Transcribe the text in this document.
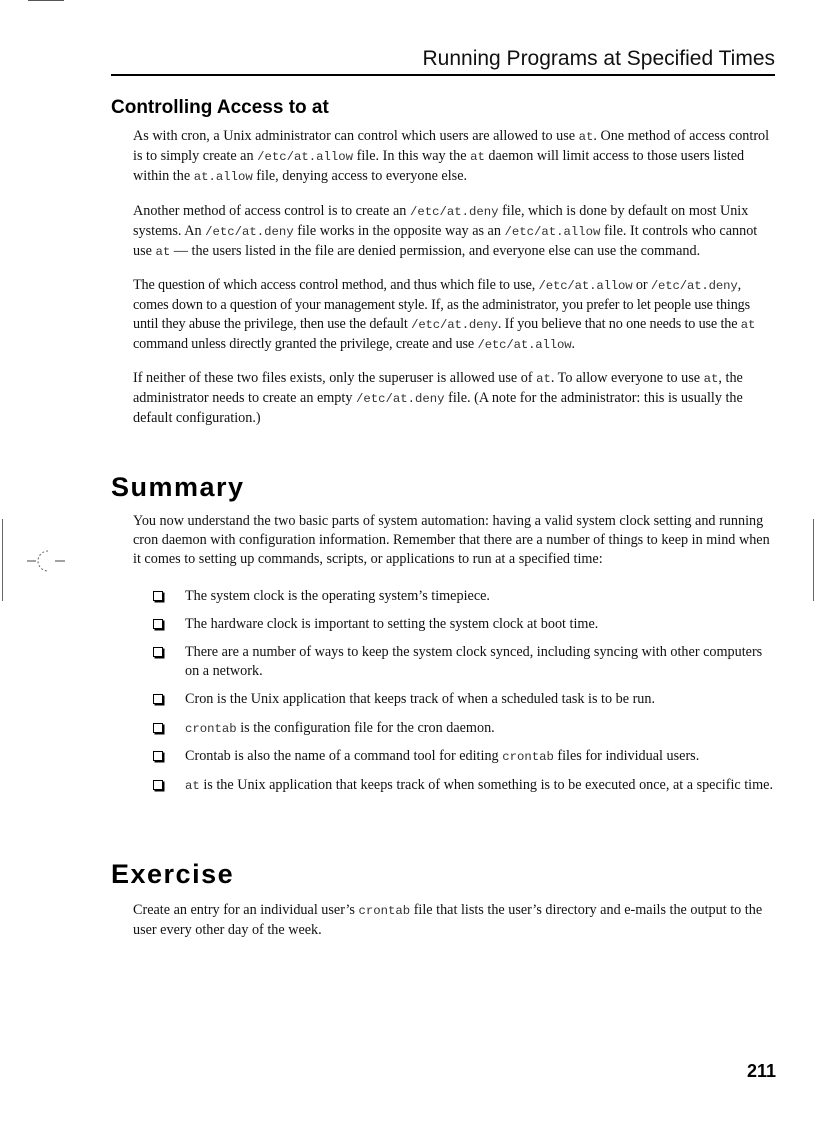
Running Programs at Specified Times
Controlling Access to at

As with cron, a Unix administrator can control which users are allowed to use at. One method of access control is to simply create an /etc/at.allow file. In this way the at daemon will limit access to those users listed within the at.allow file, denying access to everyone else.

Another method of access control is to create an /etc/at.deny file, which is done by default on most Unix systems. An /etc/at.deny file works in the opposite way as an /etc/at.allow file. It controls who cannot use at — the users listed in the file are denied permission, and everyone else can use the command.

The question of which access control method, and thus which file to use, /etc/at.allow or /etc/at.deny, comes down to a question of your management style. If, as the administrator, you prefer to let people use things until they abuse the privilege, then use the default /etc/at.deny. If you believe that no one needs to use the at command unless directly granted the privilege, create and use /etc/at.allow.

If neither of these two files exists, only the superuser is allowed use of at. To allow everyone to use at, the administrator needs to create an empty /etc/at.deny file. (A note for the administrator: this is usually the default configuration.)

Summary

You now understand the two basic parts of system automation: having a valid system clock setting and running cron daemon with configuration information. Remember that there are a number of things to keep in mind when it comes to setting up commands, scripts, or applications to run at a specified time:

The system clock is the operating system’s timepiece.
The hardware clock is important to setting the system clock at boot time.
There are a number of ways to keep the system clock synced, including syncing with other computers on a network.
Cron is the Unix application that keeps track of when a scheduled task is to be run.
crontab is the configuration file for the cron daemon.
Crontab is also the name of a command tool for editing crontab files for individual users.
at is the Unix application that keeps track of when something is to be executed once, at a specific time.
Exercise

Create an entry for an individual user’s crontab file that lists the user’s directory and e-mails the output to the user every other day of the week.

211
